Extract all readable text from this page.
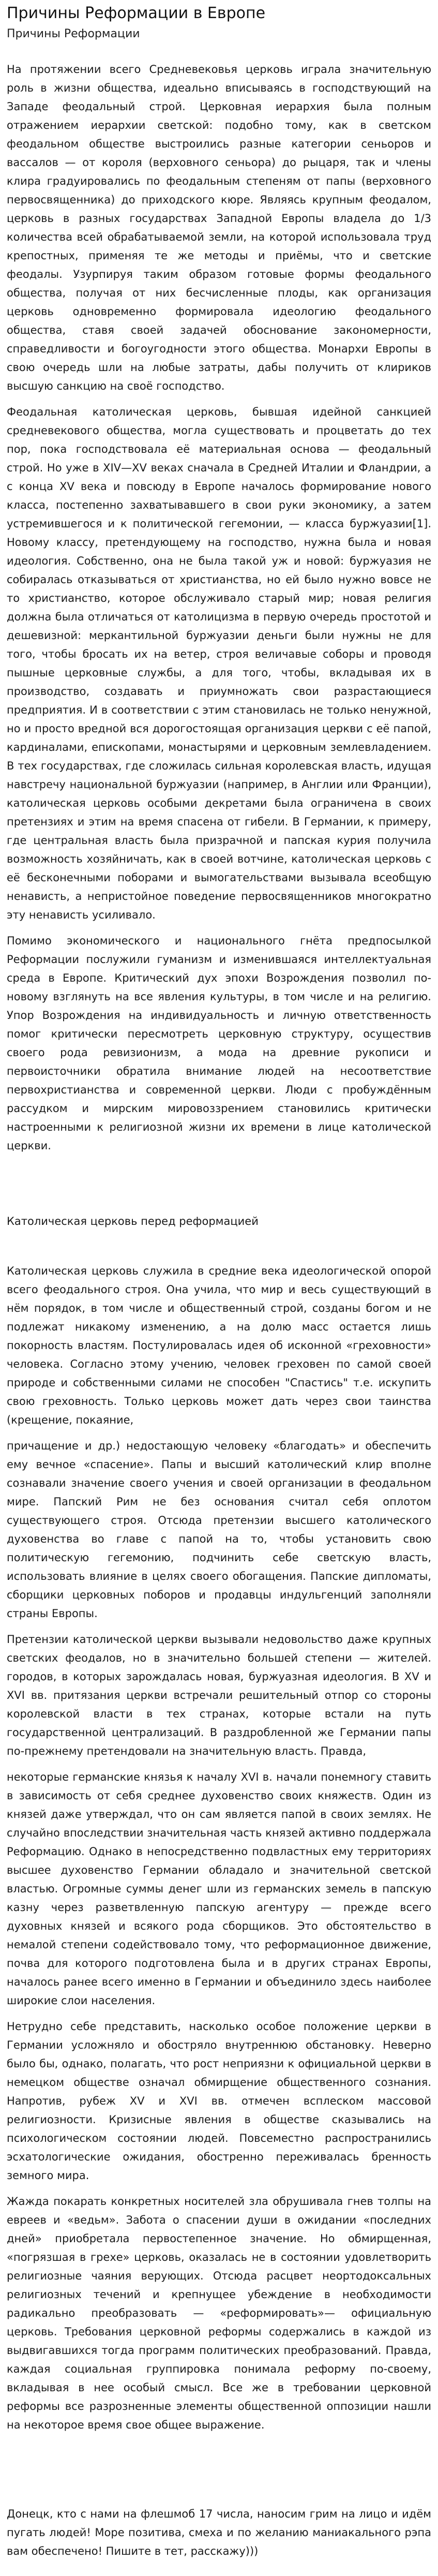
Причины Реформации в Европе
Причины Реформации

На протяжении всего Средневековья церковь играла значительную роль в жизни общества, идеально вписываясь в господствующий на Западе феодальный строй. Церковная иерархия была полным отражением иерархии светской: подобно тому, как в светском феодальном обществе выстроились разные категории сеньоров и вассалов — от короля (верховного сеньора) до рыцаря, так и члены клира градуировались по феодальным степеням от папы (верховного первосвященника) до приходского кюре. Являясь крупным феодалом, церковь в разных государствах Западной Европы владела до 1/3 количества всей обрабатываемой земли, на которой использовала труд крепостных, применяя те же методы и приёмы, что и светские феодалы. Узурпируя таким образом готовые формы феодального общества, получая от них бесчисленные плоды, как организация церковь одновременно формировала идеологию феодального общества, ставя своей задачей обоснование закономерности, справедливости и богоугодности этого общества. Монархи Европы в свою очередь шли на любые затраты, дабы получить от клириков высшую санкцию на своё господство.

Феодальная католическая церковь, бывшая идейной санкцией средневекового общества, могла существовать и процветать до тех пор, пока господствовала её материальная основа — феодальный строй. Но уже в XIV—XV веках сначала в Средней Италии и Фландрии, а с конца XV века и повсюду в Европе началось формирование нового класса, постепенно захватывавшего в свои руки экономику, а затем устремившегося и к политической гегемонии, — класса буржуазии[1]. Новому классу, претендующему на господство, нужна была и новая идеология. Собственно, она не была такой уж и новой: буржуазия не собиралась отказываться от христианства, но ей было нужно вовсе не то христианство, которое обслуживало старый мир; новая религия должна была отличаться от католицизма в первую очередь простотой и дешевизной: меркантильной буржуазии деньги были нужны не для того, чтобы бросать их на ветер, строя величавые соборы и проводя пышные церковные службы, а для того, чтобы, вкладывая их в производство, создавать и приумножать свои разрастающиеся предприятия. И в соответствии с этим становилась не только ненужной, но и просто вредной вся дорогостоящая организация церкви с её папой, кардиналами, епископами, монастырями и церковным землевладением. В тех государствах, где сложилась сильная королевская власть, идущая навстречу национальной буржуазии (например, в Англии или Франции), католическая церковь особыми декретами была ограничена в своих претензиях и этим на время спасена от гибели. В Германии, к примеру, где центральная власть была призрачной и папская курия получила возможность хозяйничать, как в своей вотчине, католическая церковь с её бесконечными поборами и вымогательствами вызывала всеобщую ненависть, а непристойное поведение первосвященников многократно эту ненависть усиливало.

Помимо экономического и национального гнёта предпосылкой Реформации послужили гуманизм и изменившаяся интеллектуальная среда в Европе. Критический дух эпохи Возрождения позволил по-новому взглянуть на все явления культуры, в том числе и на религию. Упор Возрождения на индивидуальность и личную ответственность помог критически пересмотреть церковную структуру, осуществив своего рода ревизионизм, а мода на древние рукописи и первоисточники обратила внимание людей на несоответствие первохристианства и современной церкви. Люди с пробуждённым рассудком и мирским мировоззрением становились критически настроенными к религиозной жизни их времени в лице католической церкви.

Католическая церковь перед реформацией

Католическая церковь служила в средние века идеологической опорой всего феодального строя. Она учила, что мир и весь существующий в нём порядок, в том числе и общественный строй, созданы богом и не подлежат никакому изменению, а на долю масс остается лишь покорность властям. Постулировалась идея об исконной «греховности» человека. Согласно этому учению, человек греховен по самой своей природе и собственными силами не способен "Спастись" т.е. искупить свою греховность. Только церковь может дать через свои таинства (крещение, покаяние,

причащение и др.) недостающую человеку «благодать» и обеспечить ему вечное «спасение». Папы и высший католический клир вполне сознавали значение своего учения и своей организации в феодальном мире. Папский Рим не без основания считал себя оплотом существующего строя. Отсюда претензии высшего католического духовенства во главе с папой на то, чтобы установить свою политическую гегемонию, подчинить себе светскую власть, использовать влияние в целях своего обогащения. Папские дипломаты, сборщики церковных поборов и продавцы индульгенций заполняли страны Европы.

Претензии католической церкви вызывали недовольство даже крупных светских феодалов, но в значительно большей степени — жителей. городов, в которых зарождалась новая, буржуазная идеология. В XV и XVI вв. притязания церкви встречали решительный отпор со стороны королевской власти в тех странах, которые встали на путь государственной централизаций. В раздробленной же Германии папы по-прежнему претендовали на значительную власть. Правда,

некоторые германские князья к началу XVI в. начали понемногу ставить в зависимость от себя среднее духовенство своих княжеств. Один из князей даже утверждал, что он сам является папой в своих землях. Не случайно впоследствии значительная часть князей активно поддержала Реформацию. Однако в непосредственно подвластных ему территориях высшее духовенство Германии обладало и значительной светской властью. Огромные суммы денег шли из германских земель в папскую казну через разветвленную папскую агентуру — прежде всего духовных князей и всякого рода сборщиков. Это обстоятельство в немалой степени содействовало тому, что реформационное движение, почва для которого подготовлена была и в других странах Европы, началось ранее всего именно в Германии и объединило здесь наиболее широкие слои населения.

Нетрудно себе представить, насколько особое положение церкви в Германии усложняло и обостряло внутреннюю обстановку. Неверно было бы, однако, полагать, что рост неприязни к официальной церкви в немецком обществе означал обмирщение общественного сознания. Напротив, рубеж XV и XVI вв. отмечен всплеском массовой религиозности. Кризисные явления в обществе сказывались на психологическом состоянии людей. Повсеместно распространились эсхатологические ожидания, обостренно переживалась бренность земного мира.

Жажда покарать конкретных носителей зла обрушивала гнев толпы на евреев и «ведьм». Забота о спасении души в ожидании «последних дней» приобретала первостепенное значение. Но обмирщенная, «погрязшая в грехе» церковь, оказалась не в состоянии удовлетворить религиозные чаяния верующих. Отсюда расцвет неортодоксальных религиозных течений и крепнущее убеждение в необходимости радикально преобразовать — «реформировать»— официальную церковь. Требования церковной реформы содержались в каждой из выдвигавшихся тогда программ политических преобразований. Правда, каждая социальная группировка понимала реформу по-своему, вкладывая в нее особый смысл. Все же в требовании церковной реформы все разрозненные элементы общественной оппозиции нашли на некоторое время свое общее выражение.

Донецк, кто с нами на флешмоб 17 числа, наносим грим на лицо и идём пугать людей! Море позитива, смеха и по желанию маниакального рэпа вам обеспечено! Пишите в тет, расскажу)))
